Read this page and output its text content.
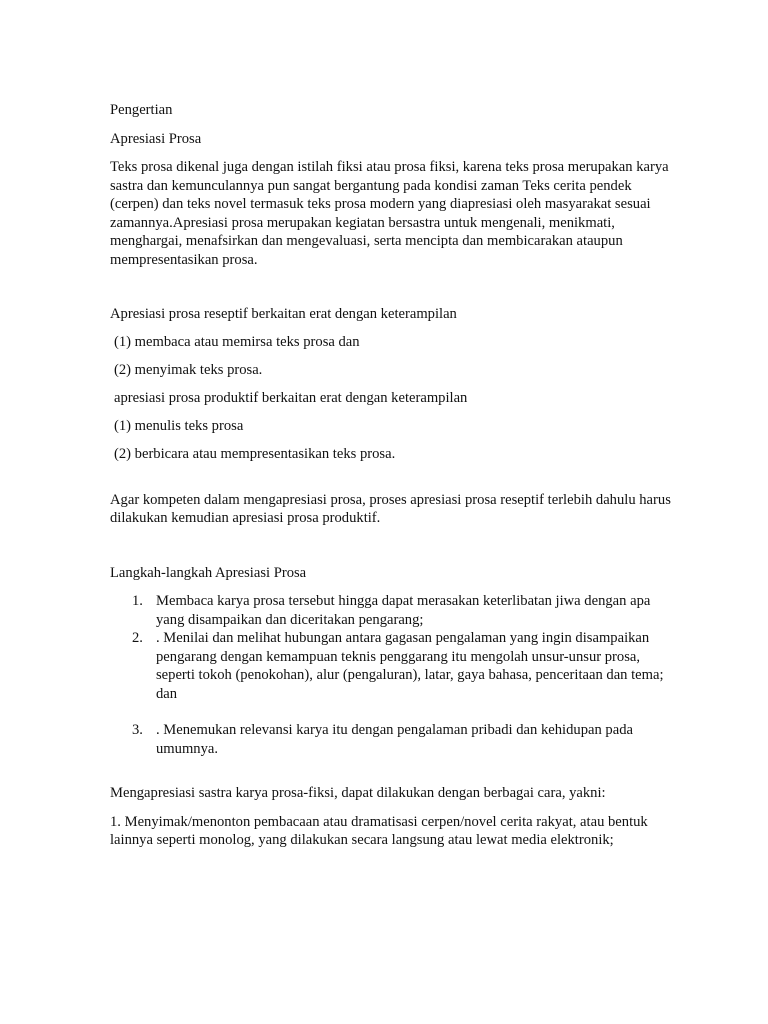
Pengertian

Apresiasi Prosa

Teks prosa dikenal juga dengan istilah fiksi atau prosa fiksi, karena teks prosa merupakan karya sastra dan kemunculannya pun sangat bergantung pada kondisi zaman Teks cerita pendek (cerpen) dan teks novel termasuk teks prosa modern yang diapresiasi oleh masyarakat sesuai zamannya.Apresiasi prosa merupakan kegiatan bersastra untuk mengenali, menikmati, menghargai, menafsirkan dan mengevaluasi, serta mencipta dan membicarakan ataupun mempresentasikan prosa.

Apresiasi prosa reseptif berkaitan erat dengan keterampilan

(1) membaca atau memirsa teks prosa dan

(2) menyimak teks prosa.

apresiasi prosa produktif berkaitan erat dengan keterampilan

(1) menulis teks prosa

(2) berbicara atau mempresentasikan teks prosa.

Agar kompeten dalam mengapresiasi prosa, proses apresiasi prosa reseptif terlebih dahulu harus dilakukan kemudian apresiasi prosa produktif.

Langkah-langkah Apresiasi Prosa

1. Membaca karya prosa tersebut hingga dapat merasakan keterlibatan jiwa dengan apa yang disampaikan dan diceritakan pengarang;
2. . Menilai dan melihat hubungan antara gagasan pengalaman yang ingin disampaikan pengarang dengan kemampuan teknis penggarang itu mengolah unsur-unsur prosa, seperti tokoh (penokohan), alur (pengaluran), latar, gaya bahasa, penceritaan dan tema; dan
3. . Menemukan relevansi karya itu dengan pengalaman pribadi dan kehidupan pada umumnya.

Mengapresiasi sastra karya prosa-fiksi, dapat dilakukan dengan berbagai cara, yakni:

1. Menyimak/menonton pembacaan atau dramatisasi cerpen/novel cerita rakyat, atau bentuk lainnya seperti monolog, yang dilakukan secara langsung atau lewat media elektronik;
